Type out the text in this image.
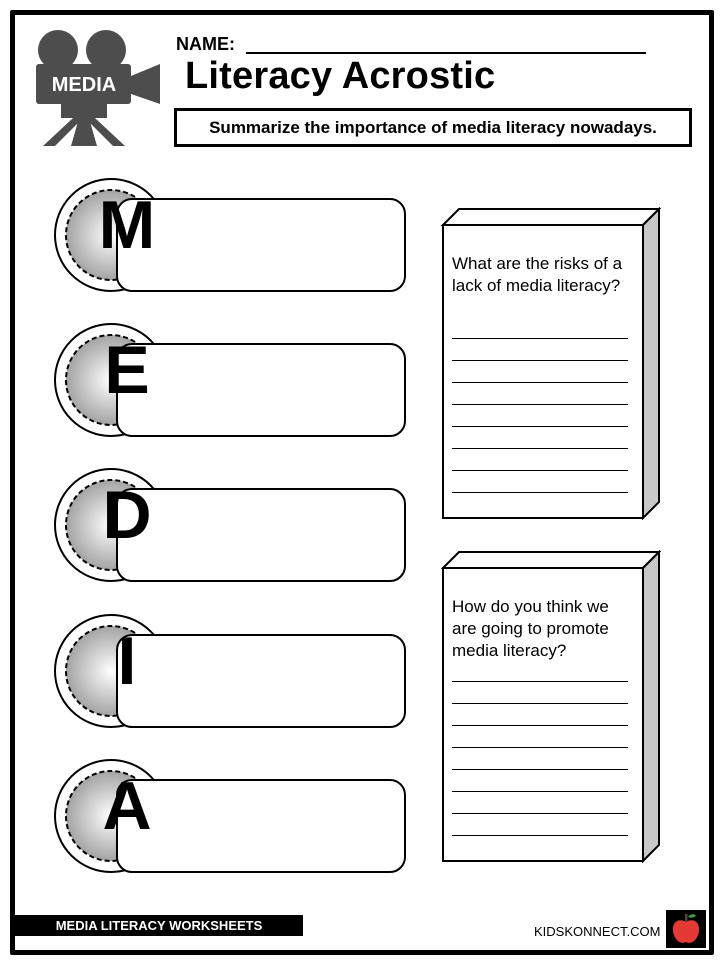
MEDIA
NAME:
Literacy Acrostic
Summarize the importance of media literacy nowadays.
M
E
D
I
A
What are the risks of a lack of media literacy?
How do you think we are going to promote media literacy?
MEDIA LITERACY WORKSHEETS	KIDSKONNECT.COM
